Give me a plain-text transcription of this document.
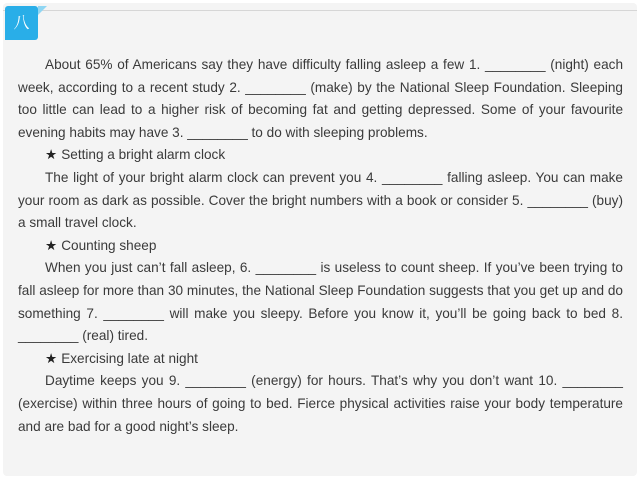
八

About 65% of Americans say they have difficulty falling asleep a few 1. ________ (night) each week, according to a recent study 2. ________ (make) by the National Sleep Foundation. Sleeping too little can lead to a higher risk of becoming fat and getting depressed. Some of your favourite evening habits may have 3. ________ to do with sleeping problems.

★ Setting a bright alarm clock

The light of your bright alarm clock can prevent you 4. ________ falling asleep. You can make your room as dark as possible. Cover the bright numbers with a book or consider 5. ________ (buy) a small travel clock.

★ Counting sheep

When you just can’t fall asleep, 6. ________ is useless to count sheep. If you’ve been trying to fall asleep for more than 30 minutes, the National Sleep Foundation suggests that you get up and do something 7. ________ will make you sleepy. Before you know it, you’ll be going back to bed 8. ________ (real) tired.

★ Exercising late at night

Daytime keeps you 9. ________ (energy) for hours. That’s why you don’t want 10. ________ (exercise) within three hours of going to bed. Fierce physical activities raise your body temperature and are bad for a good night’s sleep.
